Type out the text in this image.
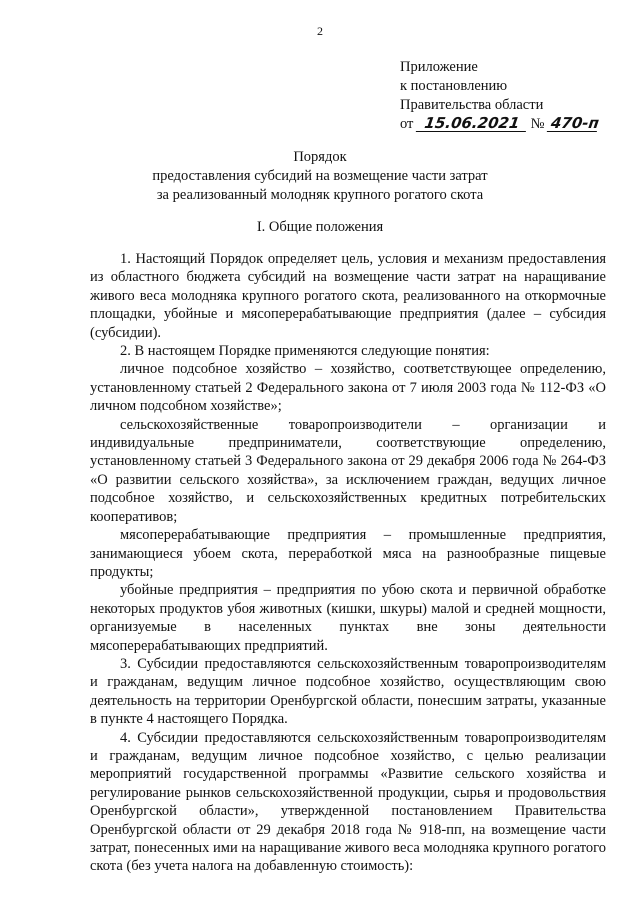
2
Приложение
к постановлению
Правительства области
от 15.06.2021 № 470-п
Порядок
предоставления субсидий на возмещение части затрат
за реализованный молодняк крупного рогатого скота
I. Общие положения

1. Настоящий Порядок определяет цель, условия и механизм предоставления из областного бюджета субсидий на возмещение части затрат на наращивание живого веса молодняка крупного рогатого скота, реализованного на откормочные площадки, убойные и мясоперерабатывающие предприятия (далее – субсидия (субсидии).

2. В настоящем Порядке применяются следующие понятия:

личное подсобное хозяйство – хозяйство, соответствующее определению, установленному статьей 2 Федерального закона от 7 июля 2003 года № 112-ФЗ «О личном подсобном хозяйстве»;

сельскохозяйственные товаропроизводители – организации и индивидуальные предприниматели, соответствующие определению, установленному статьей 3 Федерального закона от 29 декабря 2006 года № 264-ФЗ «О развитии сельского хозяйства», за исключением граждан, ведущих личное подсобное хозяйство, и сельскохозяйственных кредитных потребительских кооперативов;

мясоперерабатывающие предприятия – промышленные предприятия, занимающиеся убоем скота, переработкой мяса на разнообразные пищевые продукты;

убойные предприятия – предприятия по убою скота и первичной обработке некоторых продуктов убоя животных (кишки, шкуры) малой и средней мощности, организуемые в населенных пунктах вне зоны деятельности мясоперерабатывающих предприятий.

3. Субсидии предоставляются сельскохозяйственным товаропроизводителям и гражданам, ведущим личное подсобное хозяйство, осуществляющим свою деятельность на территории Оренбургской области, понесшим затраты, указанные в пункте 4 настоящего Порядка.

4. Субсидии предоставляются сельскохозяйственным товаропроизводителям и гражданам, ведущим личное подсобное хозяйство, с целью реализации мероприятий государственной программы «Развитие сельского хозяйства и регулирование рынков сельскохозяйственной продукции, сырья и продовольствия Оренбургской области», утвержденной постановлением Правительства Оренбургской области от 29 декабря 2018 года № 918-пп, на возмещение части затрат, понесенных ими на наращивание живого веса молодняка крупного рогатого скота (без учета налога на добавленную стоимость):
